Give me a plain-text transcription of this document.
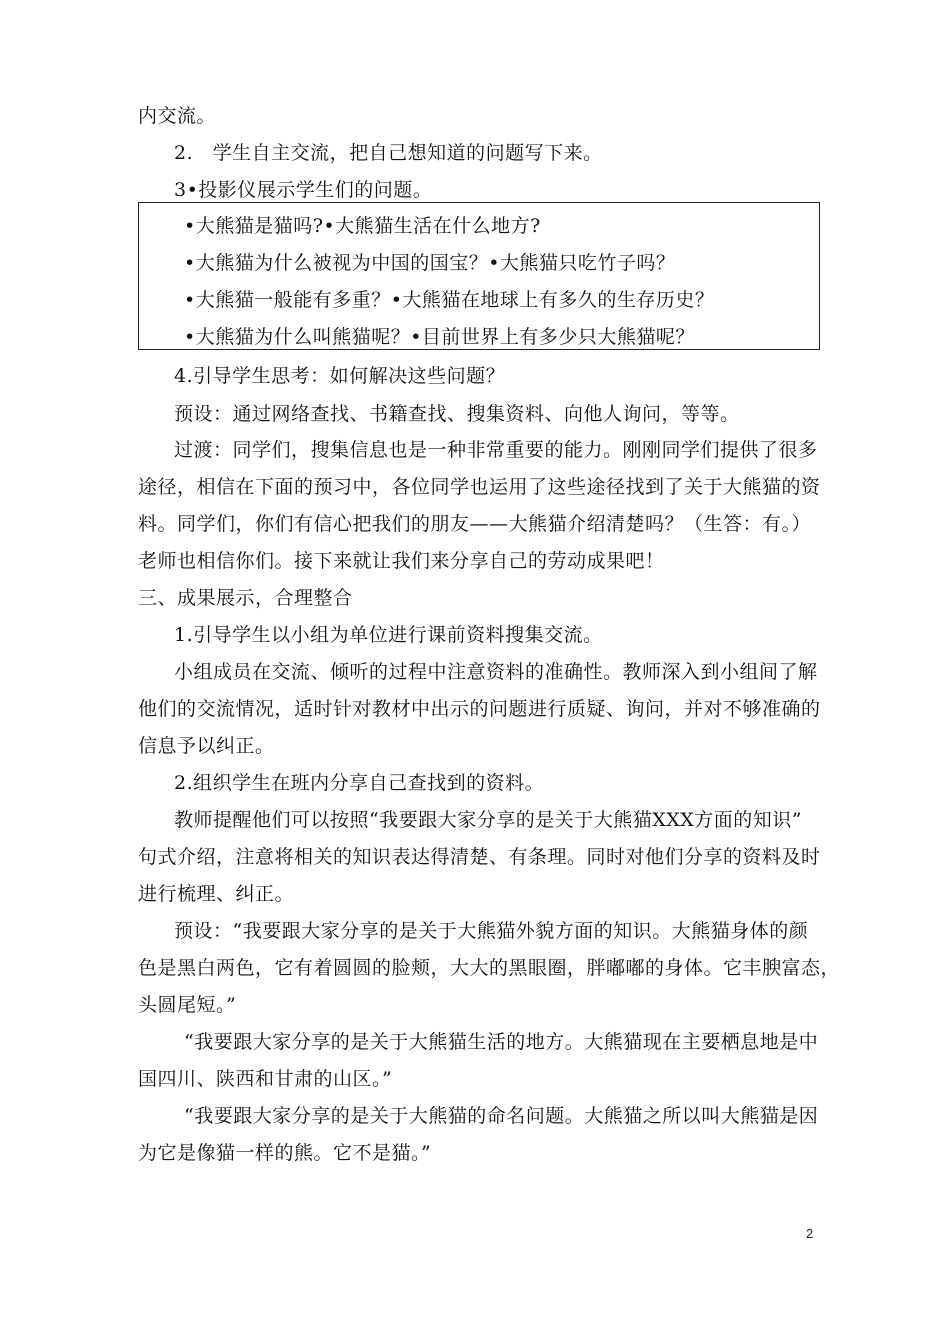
内交流。
2.　学生自主交流，把自己想知道的问题写下来。
3•投影仪展示学生们的问题。
•大熊猫是猫吗?•大熊猫生活在什么地方?
•大熊猫为什么被视为中国的国宝？•大熊猫只吃竹子吗？
•大熊猫一般能有多重？•大熊猫在地球上有多久的生存历史？
•大熊猫为什么叫熊猫呢？•目前世界上有多少只大熊猫呢？
4.引导学生思考：如何解决这些问题？
预设：通过网络查找、书籍查找、搜集资料、向他人询问，等等。
过渡：同学们，搜集信息也是一种非常重要的能力。刚刚同学们提供了很多
途径，相信在下面的预习中，各位同学也运用了这些途径找到了关于大熊猫的资
料。同学们，你们有信心把我们的朋友——大熊猫介绍清楚吗？（生答：有。）
老师也相信你们。接下来就让我们来分享自己的劳动成果吧！
三、成果展示，合理整合
1.引导学生以小组为单位进行课前资料搜集交流。
小组成员在交流、倾听的过程中注意资料的准确性。教师深入到小组间了解
他们的交流情况，适时针对教材中出示的问题进行质疑、询问，并对不够准确的
信息予以纠正。
2.组织学生在班内分享自己查找到的资料。
教师提醒他们可以按照“我要跟大家分享的是关于大熊猫XXX方面的知识”
句式介绍，注意将相关的知识表达得清楚、有条理。同时对他们分享的资料及时
进行梳理、纠正。
预设：“我要跟大家分享的是关于大熊猫外貌方面的知识。大熊猫身体的颜
色是黑白两色，它有着圆圆的脸颊，大大的黑眼圈，胖嘟嘟的身体。它丰腴富态，
头圆尾短。”
“我要跟大家分享的是关于大熊猫生活的地方。大熊猫现在主要栖息地是中
国四川、陕西和甘肃的山区。”
“我要跟大家分享的是关于大熊猫的命名问题。大熊猫之所以叫大熊猫是因
为它是像猫一样的熊。它不是猫。”
2
